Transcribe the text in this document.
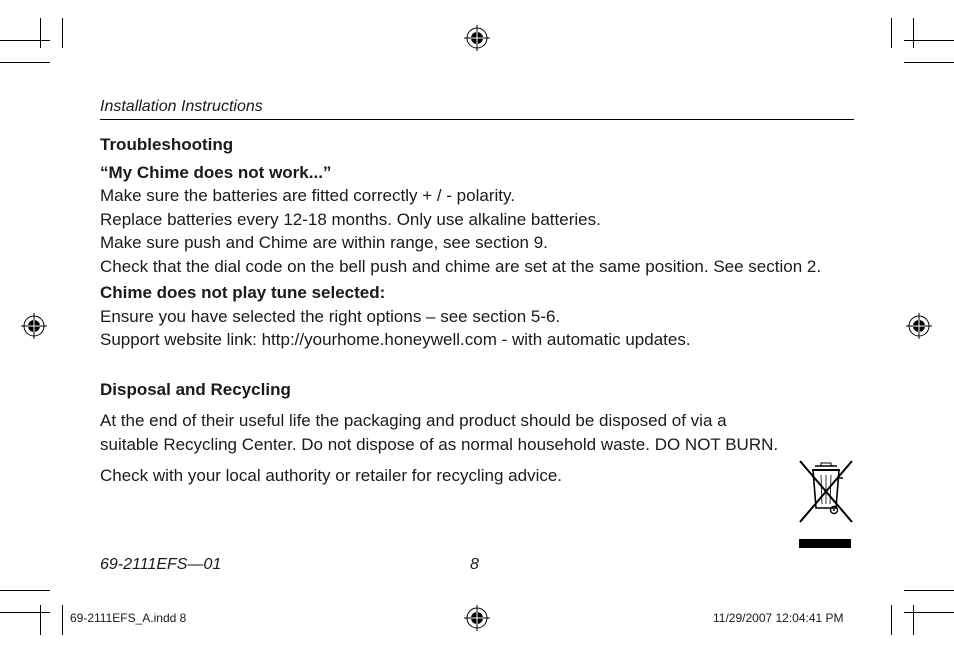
Installation Instructions

Troubleshooting

“My Chime does not work...”

Make sure the batteries are fitted correctly + / - polarity.

Replace batteries every 12-18 months. Only use alkaline batteries.

Make sure push and Chime are within range, see section 9.

Check that the dial code on the bell push and chime are set at the same position. See section 2.

Chime does not play tune selected:

Ensure you have selected the right options – see section 5-6.

Support website link: http://yourhome.honeywell.com - with automatic updates.

Disposal and Recycling

At the end of their useful life the packaging and product should be disposed of via a suitable Recycling Center. Do not dispose of as normal household waste. DO NOT BURN.

Check with your local authority or retailer for recycling advice.

69-2111EFS—01	8
69-2111EFS_A.indd 8	11/29/2007 12:04:41 PM
